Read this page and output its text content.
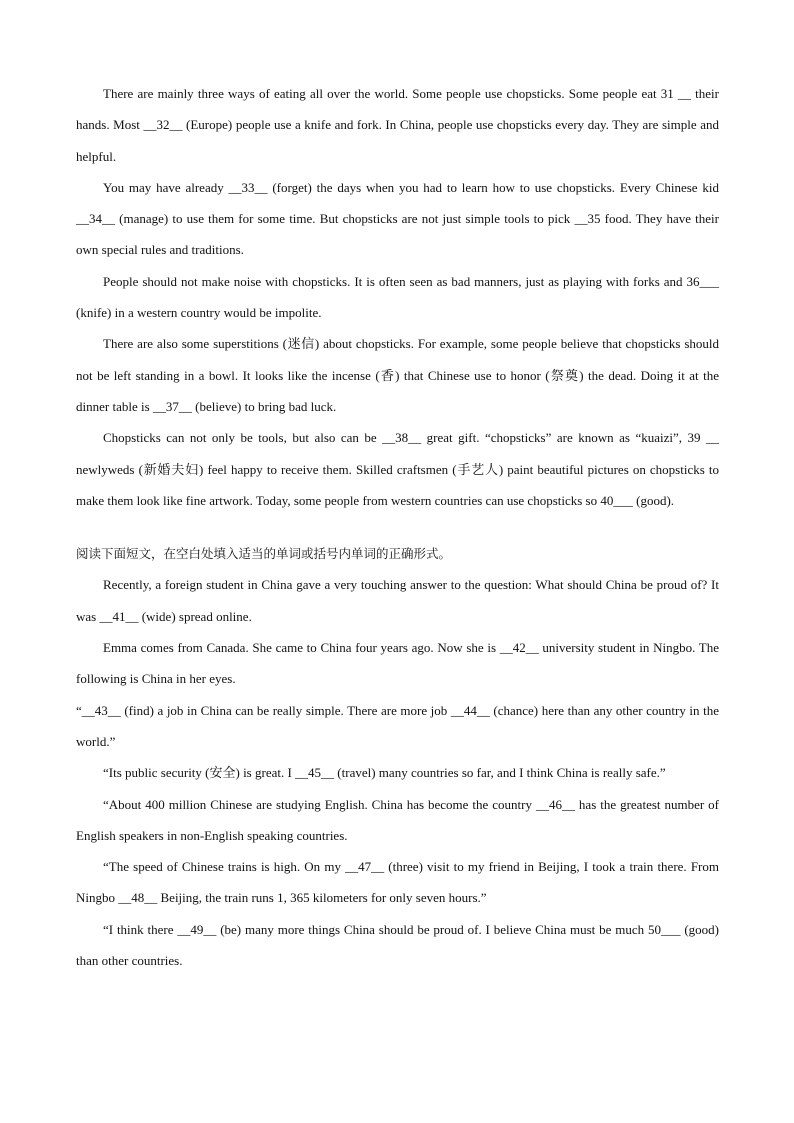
There are mainly three ways of eating all over the world. Some people use chopsticks. Some people eat 31 __ their hands. Most __32__ (Europe) people use a knife and fork. In China, people use chopsticks every day. They are simple and helpful.

You may have already __33__ (forget) the days when you had to learn how to use chopsticks. Every Chinese kid __34__ (manage) to use them for some time. But chopsticks are not just simple tools to pick __35 food. They have their own special rules and traditions.

People should not make noise with chopsticks. It is often seen as bad manners, just as playing with forks and 36___ (knife) in a western country would be impolite.

There are also some superstitions (迷信) about chopsticks. For example, some people believe that chopsticks should not be left standing in a bowl. It looks like the incense (香) that Chinese use to honor (祭奠) the dead. Doing it at the dinner table is __37__ (believe) to bring bad luck.

Chopsticks can not only be tools, but also can be __38__ great gift. “chopsticks” are known as “kuaizi”, 39 __ newlyweds (新婚夫妇) feel happy to receive them. Skilled craftsmen (手艺人) paint beautiful pictures on chopsticks to make them look like fine artwork. Today, some people from western countries can use chopsticks so 40___ (good).

阅读下面短文，在空白处填入适当的单词或括号内单词的正确形式。

Recently, a foreign student in China gave a very touching answer to the question: What should China be proud of? It was __41__ (wide) spread online.

Emma comes from Canada. She came to China four years ago. Now she is __42__ university student in Ningbo. The following is China in her eyes.

“__43__ (find) a job in China can be really simple. There are more job __44__ (chance) here than any other country in the world.”

“Its public security (安全) is great. I __45__ (travel) many countries so far, and I think China is really safe.”

“About 400 million Chinese are studying English. China has become the country __46__ has the greatest number of English speakers in non-English speaking countries.

“The speed of Chinese trains is high. On my __47__ (three) visit to my friend in Beijing, I took a train there. From Ningbo __48__ Beijing, the train runs 1, 365 kilometers for only seven hours.”

“I think there __49__ (be) many more things China should be proud of. I believe China must be much 50___ (good) than other countries.
